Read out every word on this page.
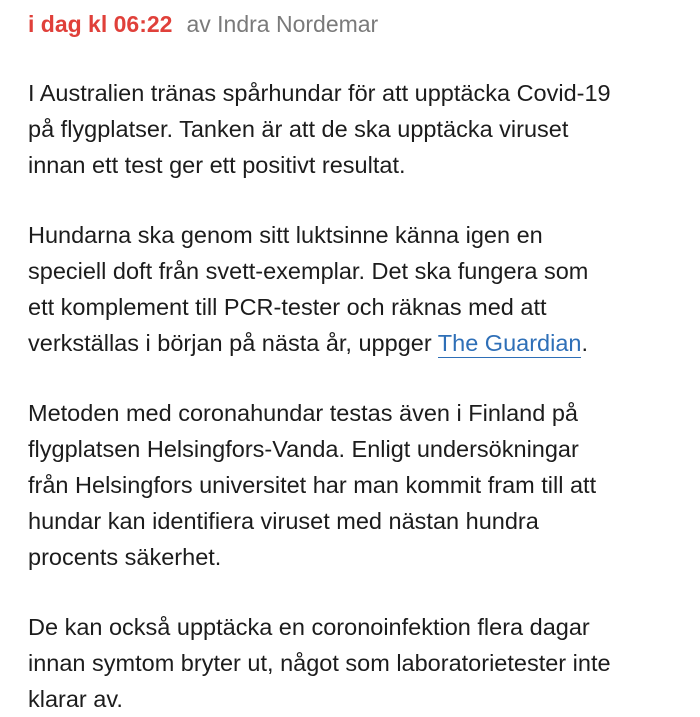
i dag kl 06:22 av Indra Nordemar

I Australien tränas spårhundar för att upptäcka Covid-19
på flygplatser. Tanken är att de ska upptäcka viruset
innan ett test ger ett positivt resultat.

Hundarna ska genom sitt luktsinne känna igen en
speciell doft från svett-exemplar. Det ska fungera som
ett komplement till PCR-tester och räknas med att
verkställas i början på nästa år, uppger The Guardian.

Metoden med coronahundar testas även i Finland på
flygplatsen Helsingfors-Vanda. Enligt undersökningar
från Helsingfors universitet har man kommit fram till att
hundar kan identifiera viruset med nästan hundra
procents säkerhet.

De kan också upptäcka en coronoinfektion flera dagar
innan symtom bryter ut, något som laboratorietester inte
klarar av.
